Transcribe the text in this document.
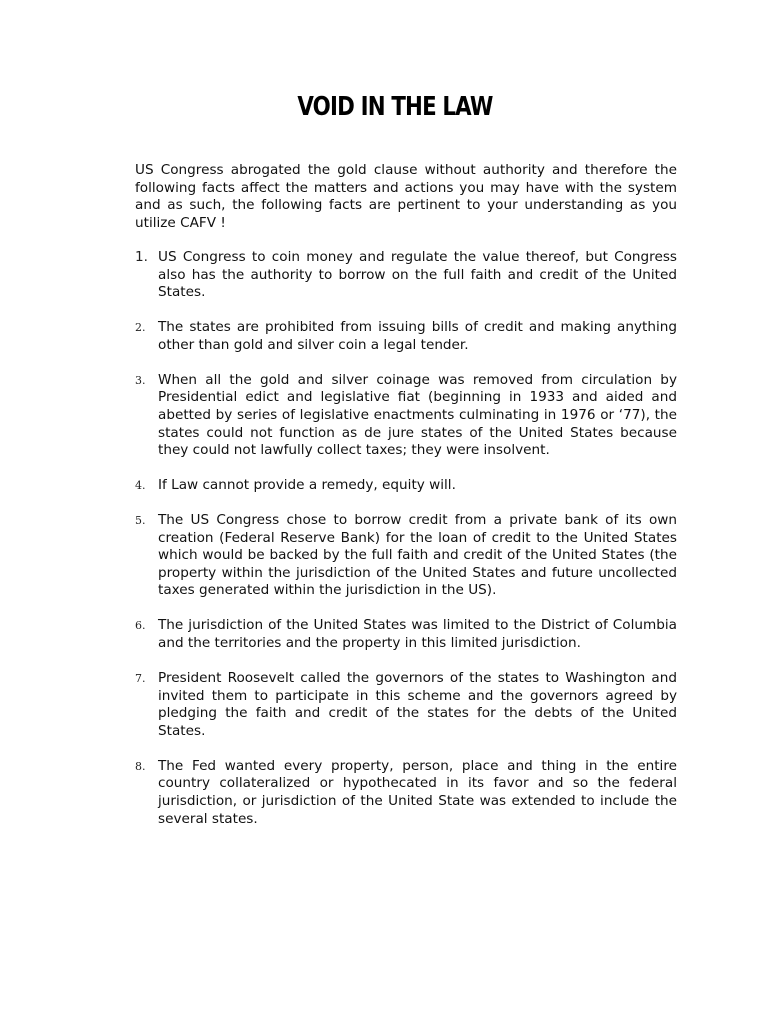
VOID IN THE LAW

US Congress abrogated the gold clause without authority and therefore the following facts affect the matters and actions you may have with the system and as such, the following facts are pertinent to your understanding as you utilize CAFV !

1. US Congress to coin money and regulate the value thereof, but Congress also has the authority to borrow on the full faith and credit of the United States.
2. The states are prohibited from issuing bills of credit and making anything other than gold and silver coin a legal tender.
3. When all the gold and silver coinage was removed from circulation by Presidential edict and legislative fiat (beginning in 1933 and aided and abetted by series of legislative enactments culminating in 1976 or ‘77), the states could not function as de jure states of the United States because they could not lawfully collect taxes; they were insolvent.
4. If Law cannot provide a remedy, equity will.
5. The US Congress chose to borrow credit from a private bank of its own creation (Federal Reserve Bank) for the loan of credit to the United States which would be backed by the full faith and credit of the United States (the property within the jurisdiction of the United States and future uncollected taxes generated within the jurisdiction in the US).
6. The jurisdiction of the United States was limited to the District of Columbia and the territories and the property in this limited jurisdiction.
7. President Roosevelt called the governors of the states to Washington and invited them to participate in this scheme and the governors agreed by pledging the faith and credit of the states for the debts of the United States.
8. The Fed wanted every property, person, place and thing in the entire country collateralized or hypothecated in its favor and so the federal jurisdiction, or jurisdiction of the United State was extended to include the several states.
